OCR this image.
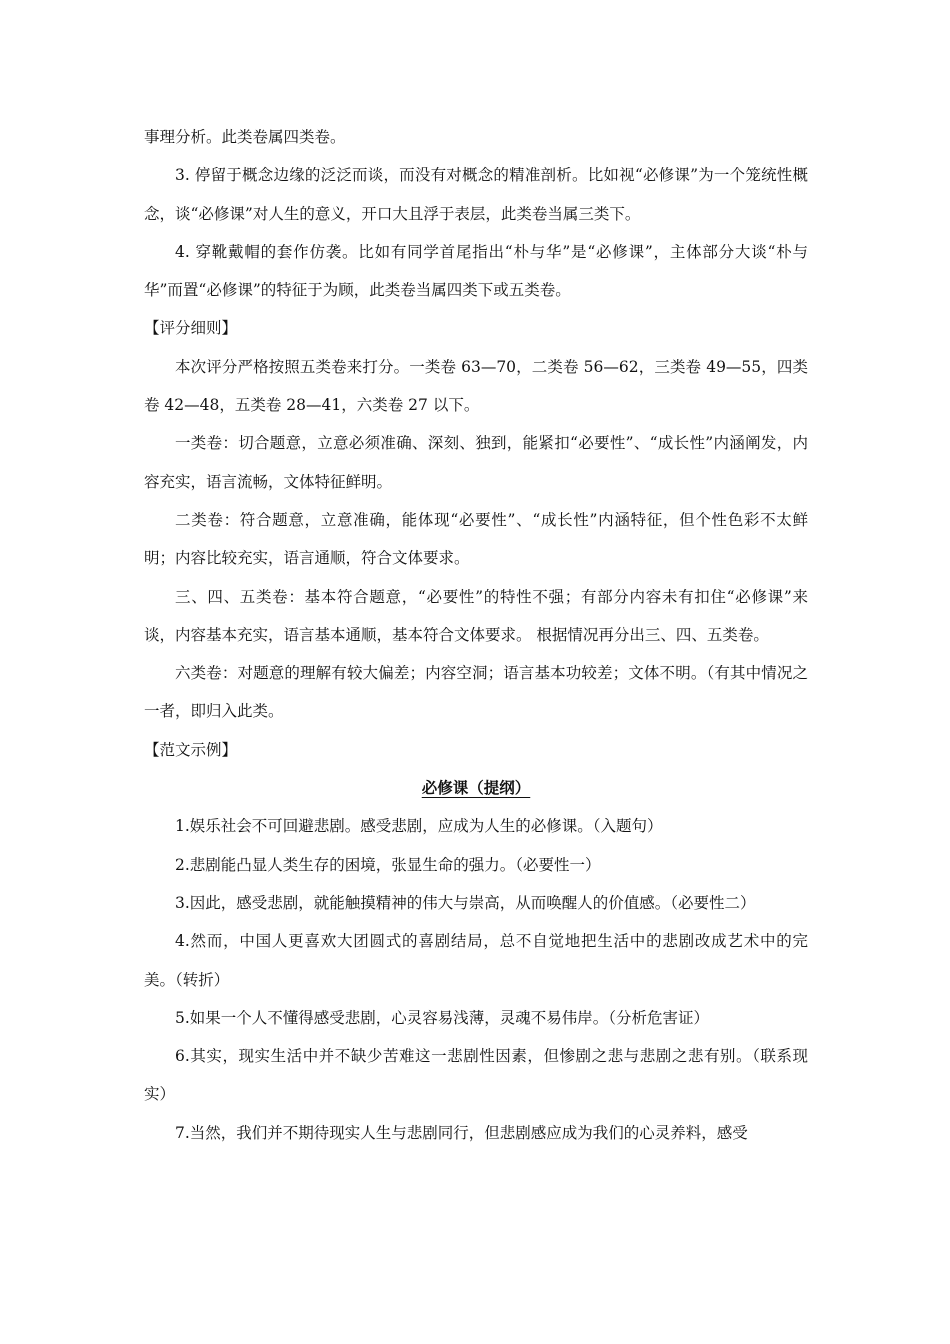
事理分析。此类卷属四类卷。

3. 停留于概念边缘的泛泛而谈，而没有对概念的精准剖析。比如视“必修课”为一个笼统性概念，谈“必修课”对人生的意义，开口大且浮于表层，此类卷当属三类下。

4. 穿靴戴帽的套作仿袭。比如有同学首尾指出“朴与华”是“必修课”，主体部分大谈“朴与华”而置“必修课”的特征于为顾，此类卷当属四类下或五类卷。

【评分细则】

本次评分严格按照五类卷来打分。一类卷 63—70，二类卷 56—62，三类卷 49—55，四类卷 42—48，五类卷 28—41，六类卷 27 以下。

一类卷：切合题意，立意必须准确、深刻、独到，能紧扣“必要性”、“成长性”内涵阐发，内容充实，语言流畅，文体特征鲜明。

二类卷：符合题意，立意准确，能体现“必要性”、“成长性”内涵特征，但个性色彩不太鲜明；内容比较充实，语言通顺，符合文体要求。

三、四、五类卷：基本符合题意，“必要性”的特性不强；有部分内容未有扣住“必修课”来谈，内容基本充实，语言基本通顺，基本符合文体要求。 根据情况再分出三、四、五类卷。

六类卷：对题意的理解有较大偏差；内容空洞；语言基本功较差；文体不明。（有其中情况之一者，即归入此类。

【范文示例】

必修课（提纲）

1.娱乐社会不可回避悲剧。感受悲剧，应成为人生的必修课。（入题句）

2.悲剧能凸显人类生存的困境，张显生命的强力。（必要性一）

3.因此，感受悲剧，就能触摸精神的伟大与崇高，从而唤醒人的价值感。（必要性二）

4.然而，中国人更喜欢大团圆式的喜剧结局，总不自觉地把生活中的悲剧改成艺术中的完美。（转折）

5.如果一个人不懂得感受悲剧，心灵容易浅薄，灵魂不易伟岸。（分析危害证）

6.其实，现实生活中并不缺少苦难这一悲剧性因素，但惨剧之悲与悲剧之悲有别。（联系现实）

7.当然，我们并不期待现实人生与悲剧同行，但悲剧感应成为我们的心灵养料，感受
